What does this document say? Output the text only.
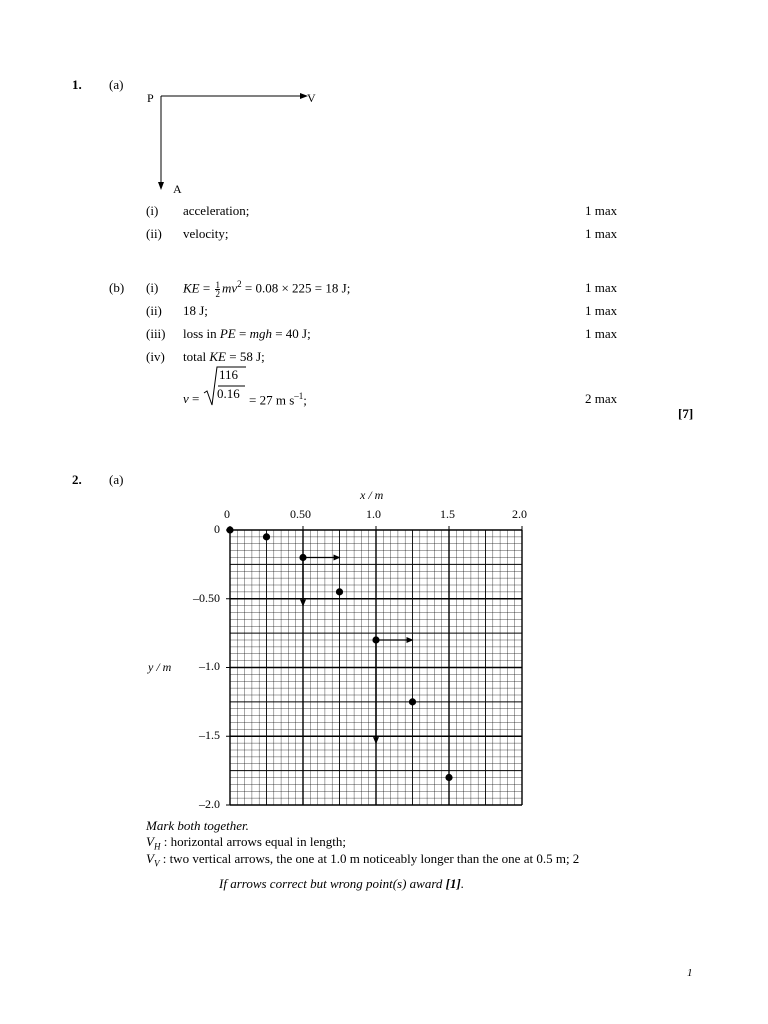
1. (a)
P	V
A
(i) acceleration;	1 max
(ii) velocity;	1 max
(b) (i) KE = $\frac{1}{2} mv^2 = 0.08 \times 225 = 18$ J;	1 max
(ii) 18 J;	1 max
(iii) loss in PE = mgh = 40 J;	1 max
(iv) total KE = 58 J;
v =
116
0.16 = 27 m $s^{-1}$;	2 max
[7]
2. (a)
x / m
y / m
0	0.50	1.0	1.5	2.0
0
–0.50
–1.0
–1.5
–2.0
Mark both together.
$V_H$ : horizontal arrows equal in length;
$V_V$ : two vertical arrows, the one at 1.0 m noticeably longer than the one at 0.5 m; 2
If arrows correct but wrong point(s) award [1].
1
